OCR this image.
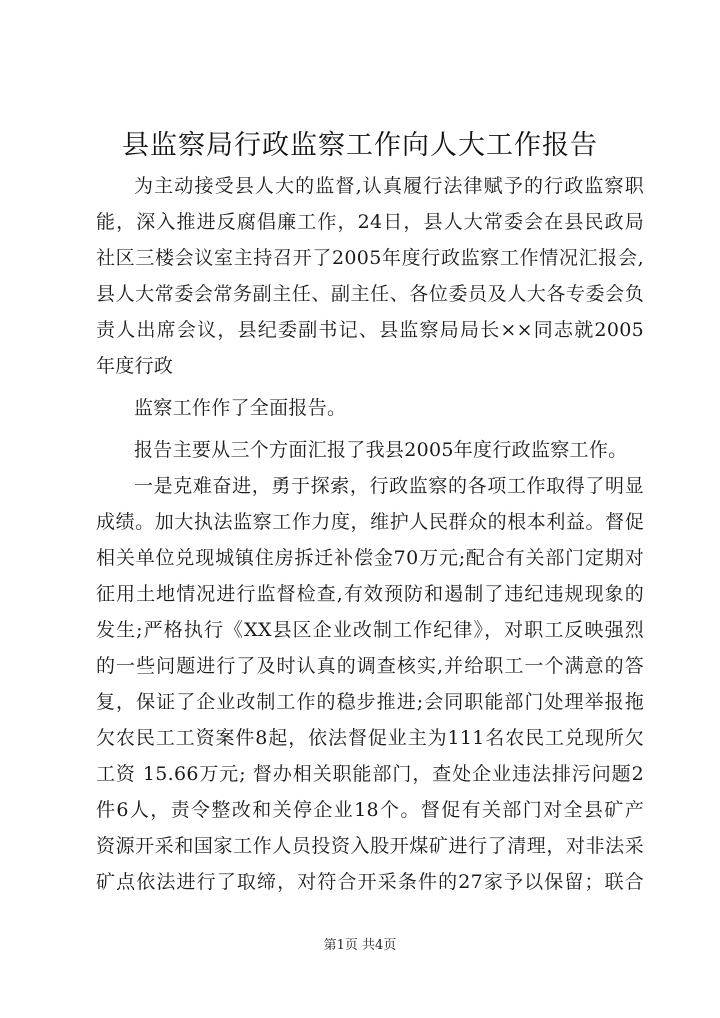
县监察局行政监察工作向人大工作报告
为主动接受县人大的监督,认真履行法律赋予的行政监察职
能，深入推进反腐倡廉工作，24日，县人大常委会在县民政局
社区三楼会议室主持召开了2005年度行政监察工作情况汇报会,
县人大常委会常务副主任、副主任、各位委员及人大各专委会负
责人出席会议，县纪委副书记、县监察局局长××同志就2005
年度行政
监察工作作了全面报告。
报告主要从三个方面汇报了我县2005年度行政监察工作。
一是克难奋进，勇于探索，行政监察的各项工作取得了明显
成绩。加大执法监察工作力度，维护人民群众的根本利益。督促
相关单位兑现城镇住房拆迁补偿金70万元;配合有关部门定期对
征用土地情况进行监督检查,有效预防和遏制了违纪违规现象的
发生;严格执行《XX县区企业改制工作纪律》，对职工反映强烈
的一些问题进行了及时认真的调查核实,并给职工一个满意的答
复，保证了企业改制工作的稳步推进;会同职能部门处理举报拖
欠农民工工资案件8起，依法督促业主为111名农民工兑现所欠
工资 15.66万元; 督办相关职能部门，查处企业违法排污问题2
件6人，责令整改和关停企业18个。督促有关部门对全县矿产
资源开采和国家工作人员投资入股开煤矿进行了清理，对非法采
矿点依法进行了取缔，对符合开采条件的27家予以保留；联合
第1页 共4页
